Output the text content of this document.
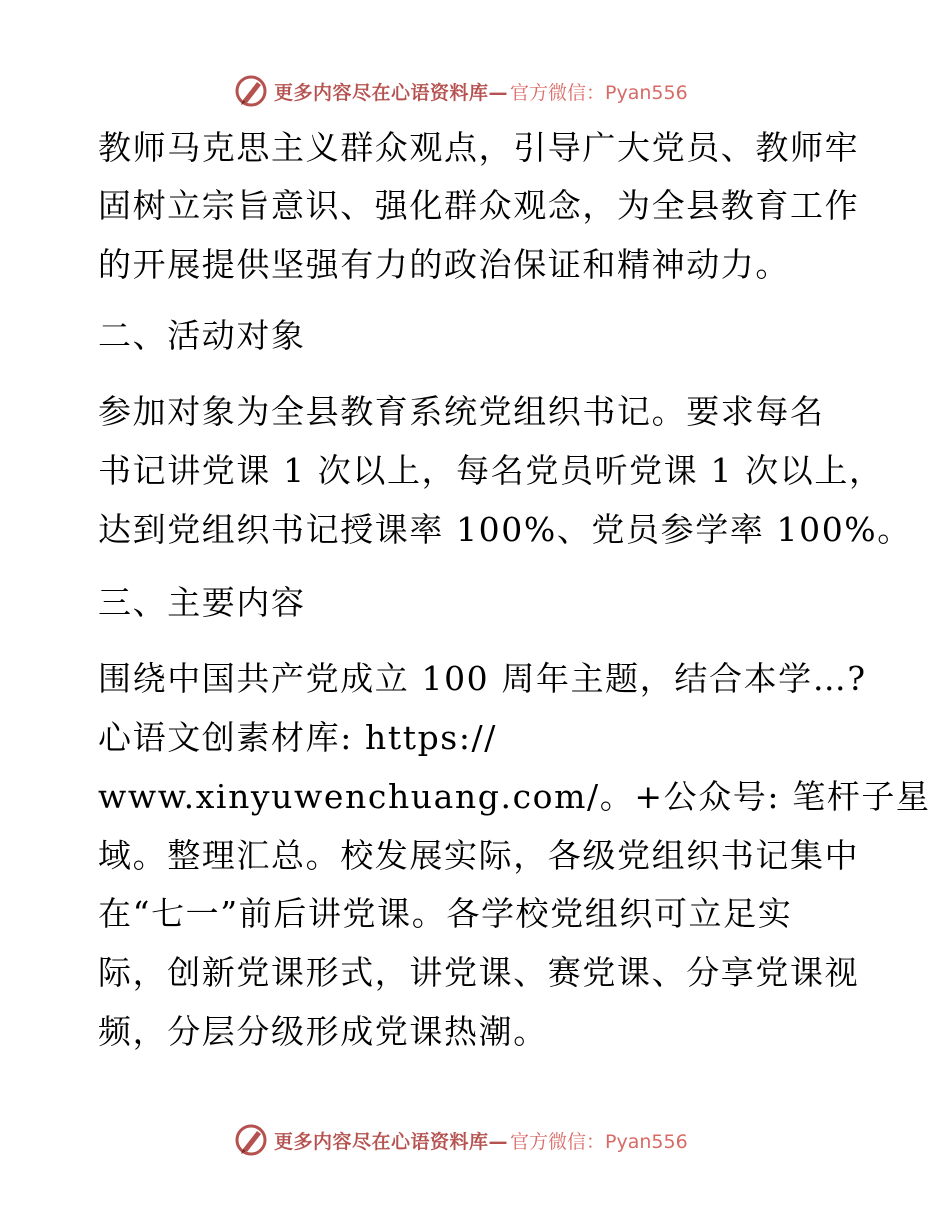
更多内容尽在心语资料库— 官方微信：Pyan556
教师马克思主义群众观点，引导广大党员、教师牢
固树立宗旨意识、强化群众观念，为全县教育工作
的开展提供坚强有力的政治保证和精神动力。
二、活动对象
参加对象为全县教育系统党组织书记。要求每名
书记讲党课 1 次以上，每名党员听党课 1 次以上，
达到党组织书记授课率 100%、党员参学率 100%。
三、主要内容
围绕中国共产党成立 100 周年主题，结合本学…?
心语文创素材库: https://
www.xinyuwenchuang.com/。+公众号: 笔杆子星
域。整理汇总。校发展实际，各级党组织书记集中
在“七一”前后讲党课。各学校党组织可立足实
际，创新党课形式，讲党课、赛党课、分享党课视
频，分层分级形成党课热潮。
更多内容尽在心语资料库— 官方微信：Pyan556
